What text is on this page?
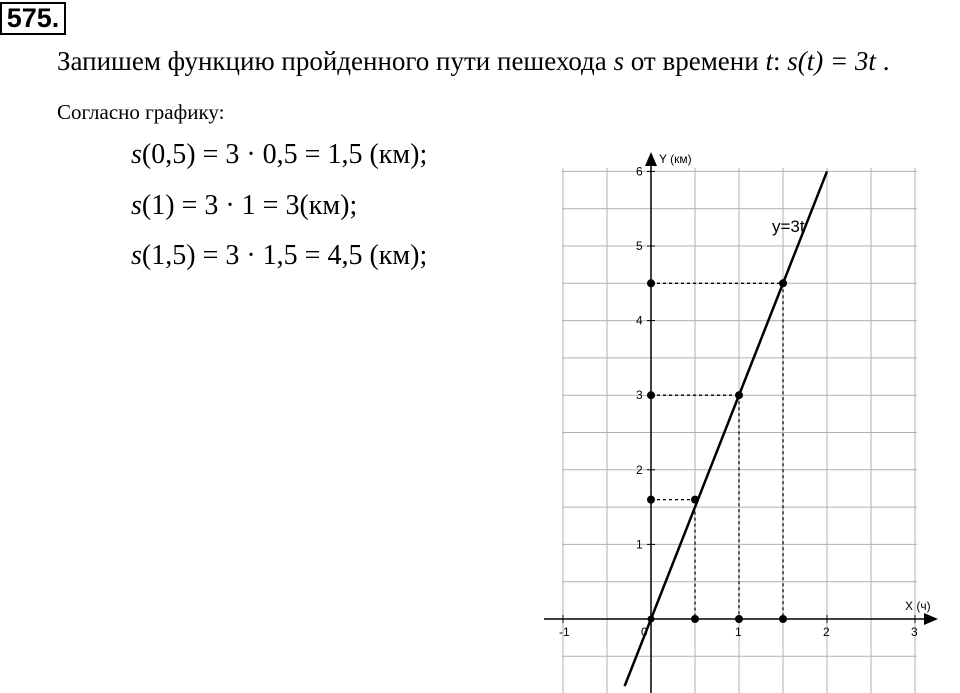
575.
Запишем функцию пройденного пути пешехода s от времени t: s(t) = 3t .
Согласно графику:
s(0,5) = 3 · 0,5 = 1,5 (км);
s(1) = 3 · 1 = 3(км);
s(1,5) = 3 · 1,5 = 4,5 (км);
Y (км)
X (ч)
-1	0	1	2	3
1
2
3
4
5
6
y=3t
